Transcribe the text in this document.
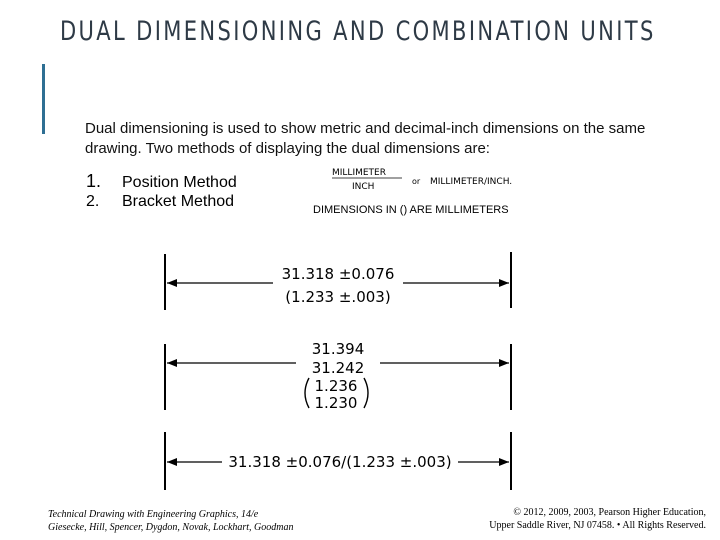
DUAL DIMENSIONING AND COMBINATION UNITS
Dual dimensioning is used to show metric and decimal-inch dimensions on the same drawing. Two methods of displaying the dual dimensions are:
1. Position Method
2. Bracket Method
MILLIMETER
INCH
or MILLIMETER/INCH.
DIMENSIONS IN () ARE MILLIMETERS
31.318 ±0.076
(1.233 ±.003)
31.394
31.242
1.236
1.230
31.318 ±0.076/(1.233 ±.003)
Technical Drawing with Engineering Graphics, 14/e
Giesecke, Hill, Spencer, Dygdon, Novak, Lockhart, Goodman
© 2012, 2009, 2003, Pearson Higher Education,
Upper Saddle River, NJ 07458. • All Rights Reserved.
